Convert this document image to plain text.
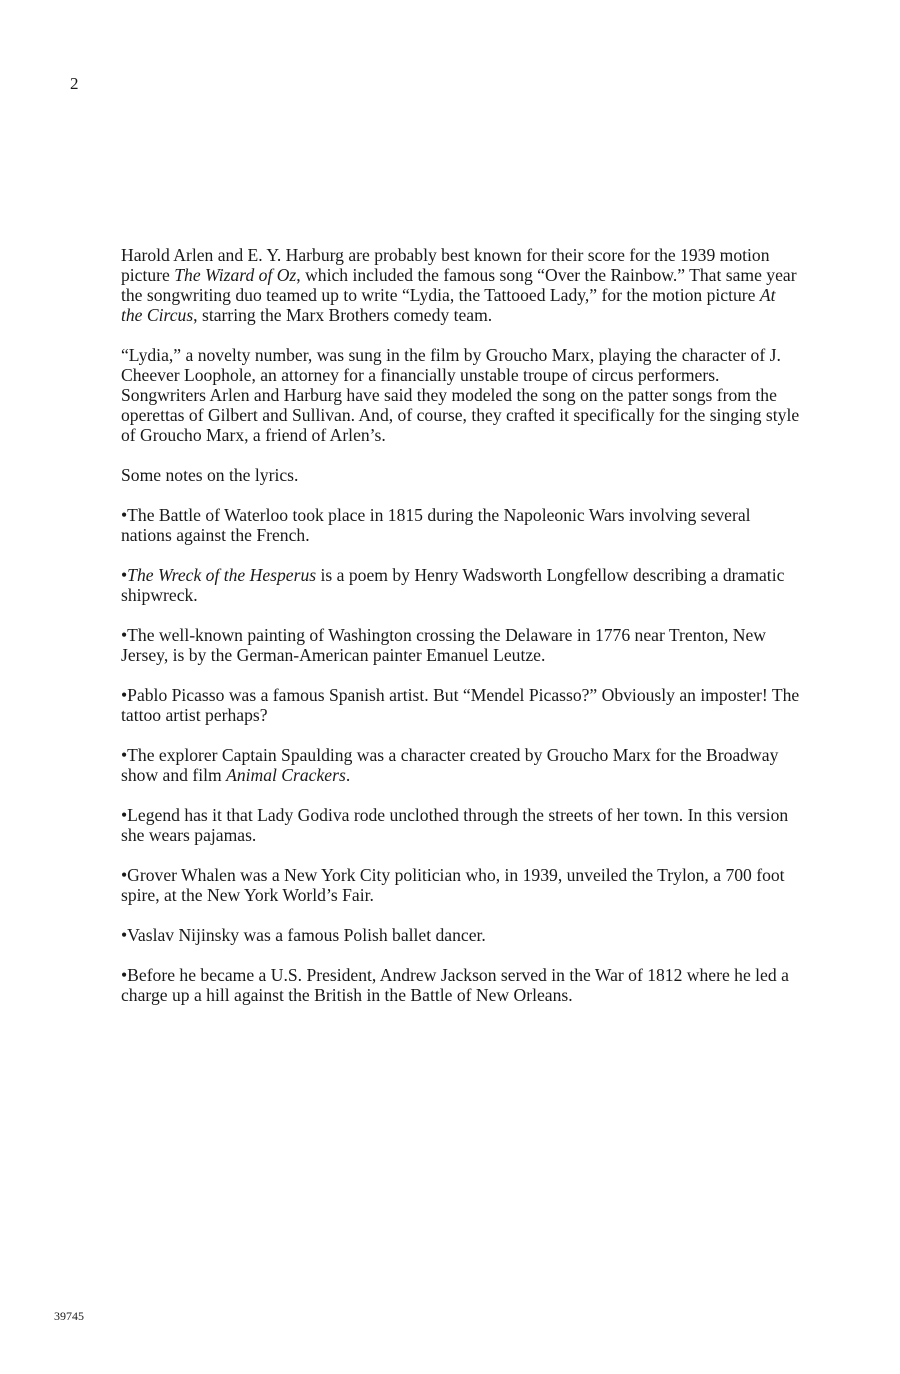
2

Harold Arlen and E. Y. Harburg are probably best known for their score for the 1939 motion picture The Wizard of Oz, which included the famous song “Over the Rainbow.” That same year the songwriting duo teamed up to write “Lydia, the Tattooed Lady,” for the motion picture At the Circus, starring the Marx Brothers comedy team.

“Lydia,” a novelty number, was sung in the film by Groucho Marx, playing the character of J. Cheever Loophole, an attorney for a financially unstable troupe of circus performers. Songwriters Arlen and Harburg have said they modeled the song on the patter songs from the operettas of Gilbert and Sullivan. And, of course, they crafted it specifically for the singing style of Groucho Marx, a friend of Arlen’s.

Some notes on the lyrics.

•The Battle of Waterloo took place in 1815 during the Napoleonic Wars involving several nations against the French.

•The Wreck of the Hesperus is a poem by Henry Wadsworth Longfellow describing a dramatic shipwreck.

•The well-known painting of Washington crossing the Delaware in 1776 near Trenton, New Jersey, is by the German-American painter Emanuel Leutze.

•Pablo Picasso was a famous Spanish artist. But “Mendel Picasso?” Obviously an imposter! The tattoo artist perhaps?

•The explorer Captain Spaulding was a character created by Groucho Marx for the Broadway show and film Animal Crackers.

•Legend has it that Lady Godiva rode unclothed through the streets of her town. In this version she wears pajamas.

•Grover Whalen was a New York City politician who, in 1939, unveiled the Trylon, a 700 foot spire, at the New York World’s Fair.

•Vaslav Nijinsky was a famous Polish ballet dancer.

•Before he became a U.S. President, Andrew Jackson served in the War of 1812 where he led a charge up a hill against the British in the Battle of New Orleans.

39745
